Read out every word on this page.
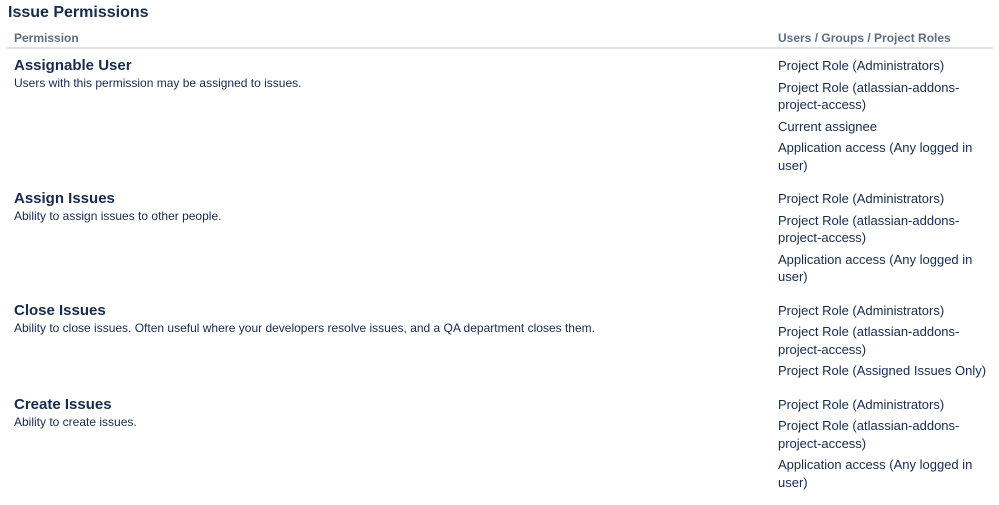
Issue Permissions
Permission	Users / Groups / Project Roles
Assignable User
Users with this permission may be assigned to issues.

Project Role (Administrators)

Project Role (atlassian-addons-project-access)

Current assignee

Application access (Any logged in user)

Assign Issues
Ability to assign issues to other people.

Project Role (Administrators)

Project Role (atlassian-addons-project-access)

Application access (Any logged in user)

Close Issues
Ability to close issues. Often useful where your developers resolve issues, and a QA department closes them.

Project Role (Administrators)

Project Role (atlassian-addons-project-access)

Project Role (Assigned Issues Only)

Create Issues
Ability to create issues.

Project Role (Administrators)

Project Role (atlassian-addons-project-access)

Application access (Any logged in user)
